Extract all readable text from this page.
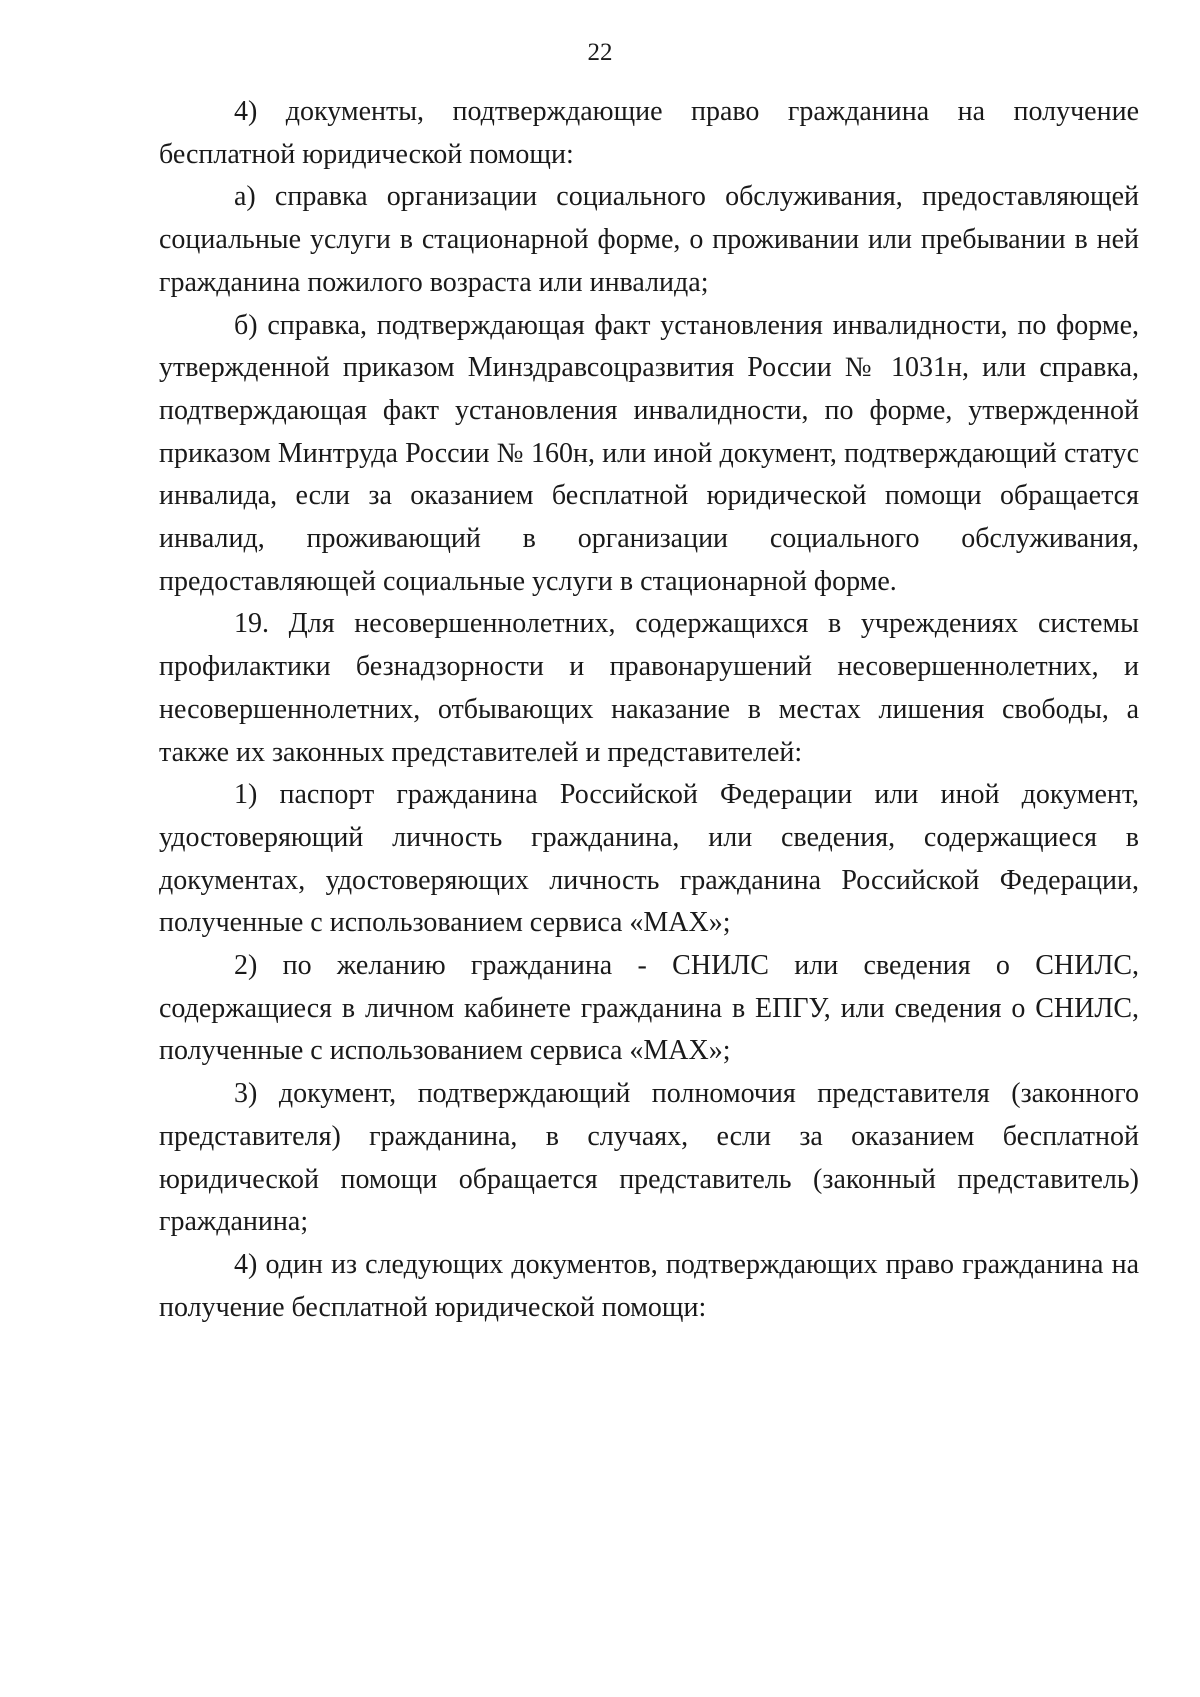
22

4) документы, подтверждающие право гражданина на получение бесплатной юридической помощи:

а) справка организации социального обслуживания, предоставляющей социальные услуги в стационарной форме, о проживании или пребывании в ней гражданина пожилого возраста или инвалида;

б) справка, подтверждающая факт установления инвалидности, по форме, утвержденной приказом Минздравсоцразвития России № 1031н, или справка, подтверждающая факт установления инвалидности, по форме, утвержденной приказом Минтруда России № 160н, или иной документ, подтверждающий статус инвалида, если за оказанием бесплатной юридической помощи обращается инвалид, проживающий в организации социального обслуживания, предоставляющей социальные услуги в стационарной форме.

19. Для несовершеннолетних, содержащихся в учреждениях системы профилактики безнадзорности и правонарушений несовершеннолетних, и несовершеннолетних, отбывающих наказание в местах лишения свободы, а также их законных представителей и представителей:

1) паспорт гражданина Российской Федерации или иной документ, удостоверяющий личность гражданина, или сведения, содержащиеся в документах, удостоверяющих личность гражданина Российской Федерации, полученные с использованием сервиса «МАХ»;

2) по желанию гражданина - СНИЛС или сведения о СНИЛС, содержащиеся в личном кабинете гражданина в ЕПГУ, или сведения о СНИЛС, полученные с использованием сервиса «МАХ»;

3) документ, подтверждающий полномочия представителя (законного представителя) гражданина, в случаях, если за оказанием бесплатной юридической помощи обращается представитель (законный представитель) гражданина;

4) один из следующих документов, подтверждающих право гражданина на получение бесплатной юридической помощи:
